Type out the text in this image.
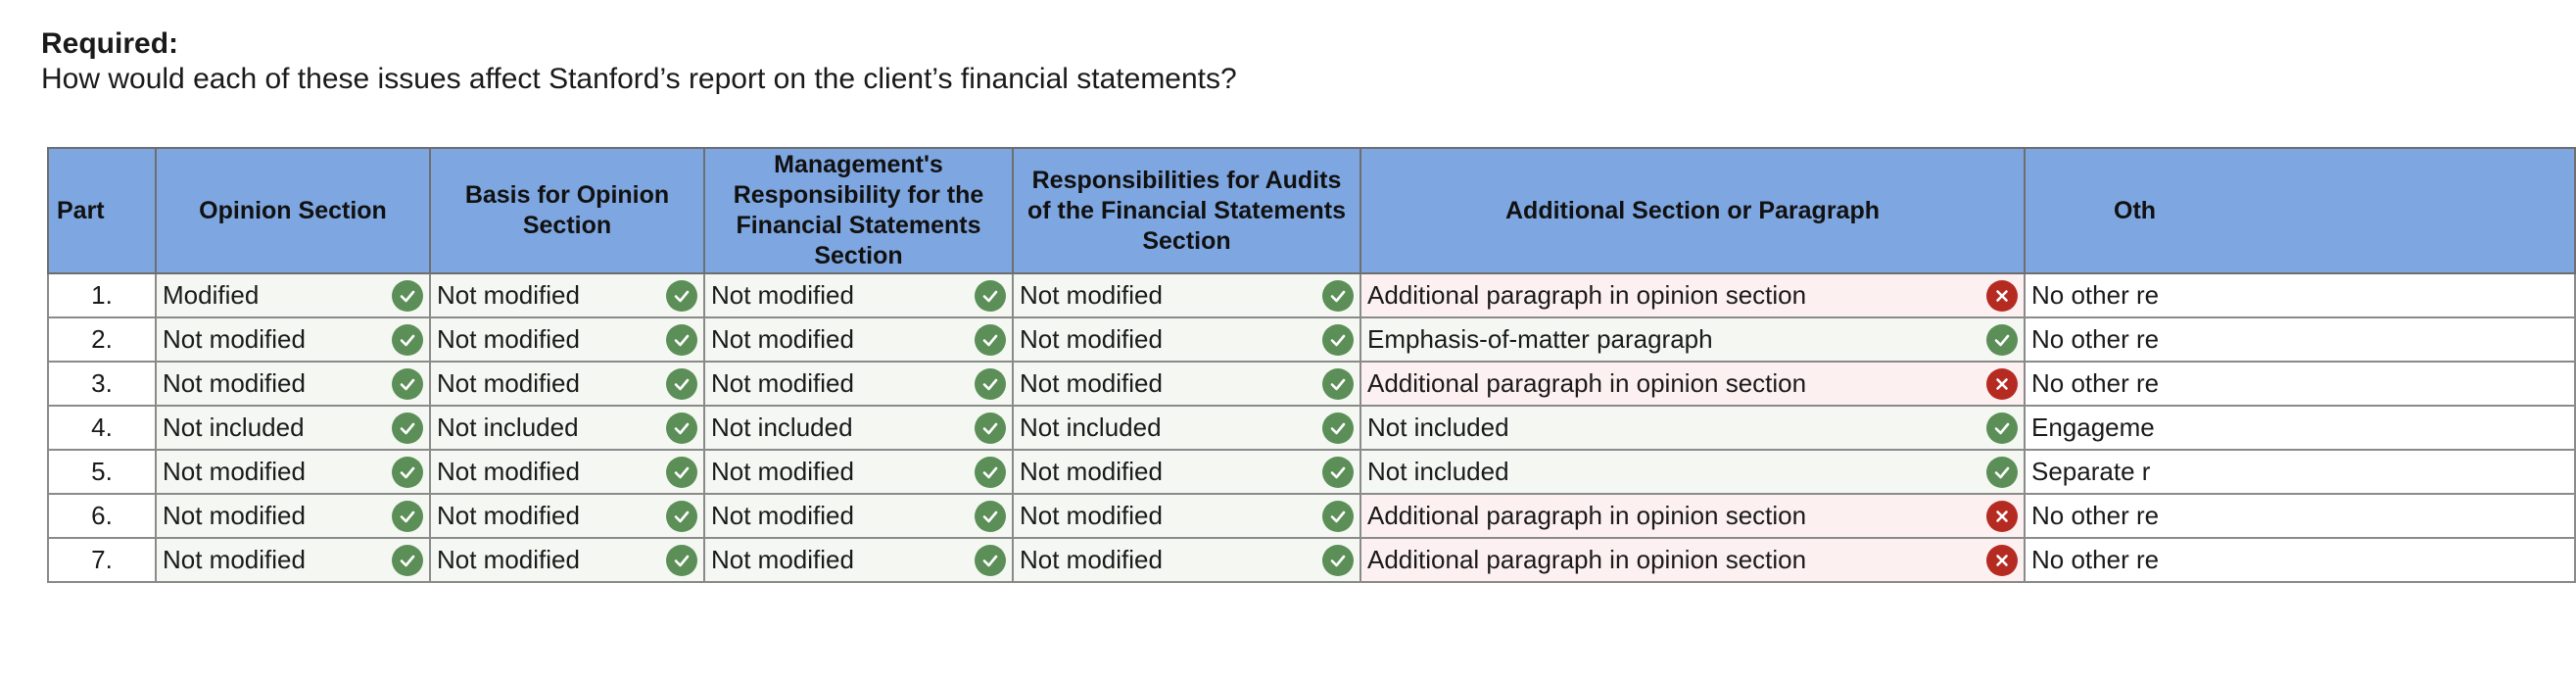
Required:
How would each of these issues affect Stanford’s report on the client’s financial statements?
Part	Opinion Section	Basis for Opinion Section	Management's Responsibility for the Financial Statements Section	Responsibilities for Audits of the Financial Statements Section	Additional Section or Paragraph	Oth
1.	Modified	Not modified	Not modified	Not modified	Additional paragraph in opinion section	No other re

2.	Not modified	Not modified	Not modified	Not modified	Emphasis-of-matter paragraph	No other re

3.	Not modified	Not modified	Not modified	Not modified	Additional paragraph in opinion section	No other re

4.	Not included	Not included	Not included	Not included	Not included	Engageme

5.	Not modified	Not modified	Not modified	Not modified	Not included	Separate r

6.	Not modified	Not modified	Not modified	Not modified	Additional paragraph in opinion section	No other re

7.	Not modified	Not modified	Not modified	Not modified	Additional paragraph in opinion section	No other re
